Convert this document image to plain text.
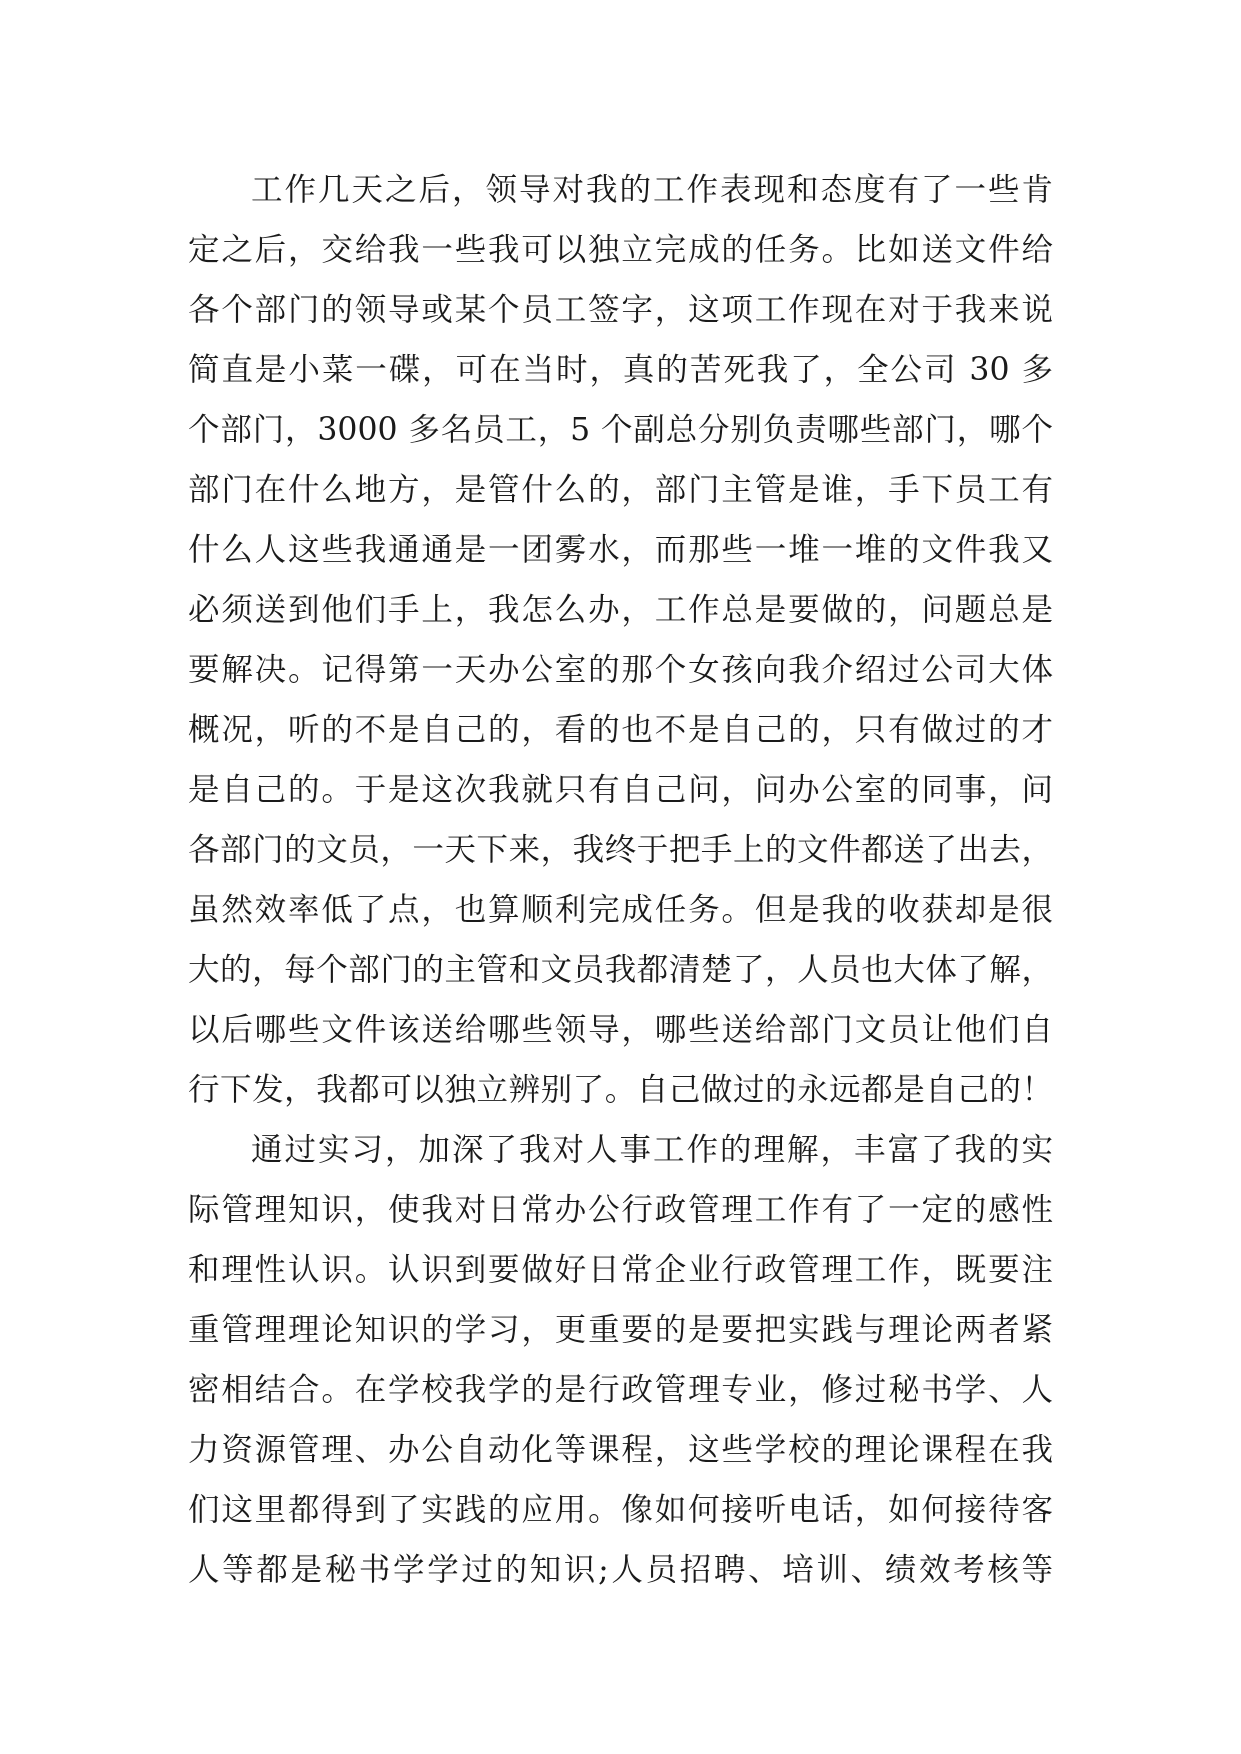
工作几天之后，领导对我的工作表现和态度有了一些肯
定之后，交给我一些我可以独立完成的任务。比如送文件给
各个部门的领导或某个员工签字，这项工作现在对于我来说
简直是小菜一碟，可在当时，真的苦死我了，全公司 30 多
个部门，3000 多名员工，5 个副总分别负责哪些部门，哪个
部门在什么地方，是管什么的，部门主管是谁，手下员工有
什么人这些我通通是一团雾水，而那些一堆一堆的文件我又
必须送到他们手上，我怎么办，工作总是要做的，问题总是
要解决。记得第一天办公室的那个女孩向我介绍过公司大体
概况，听的不是自己的，看的也不是自己的，只有做过的才
是自己的。于是这次我就只有自己问，问办公室的同事，问
各部门的文员，一天下来，我终于把手上的文件都送了出去，
虽然效率低了点，也算顺利完成任务。但是我的收获却是很
大的，每个部门的主管和文员我都清楚了，人员也大体了解，
以后哪些文件该送给哪些领导，哪些送给部门文员让他们自
行下发，我都可以独立辨别了。自己做过的永远都是自己的！
通过实习，加深了我对人事工作的理解，丰富了我的实
际管理知识，使我对日常办公行政管理工作有了一定的感性
和理性认识。认识到要做好日常企业行政管理工作，既要注
重管理理论知识的学习，更重要的是要把实践与理论两者紧
密相结合。在学校我学的是行政管理专业，修过秘书学、人
力资源管理、办公自动化等课程，这些学校的理论课程在我
们这里都得到了实践的应用。像如何接听电话，如何接待客
人等都是秘书学学过的知识;人员招聘、培训、绩效考核等
